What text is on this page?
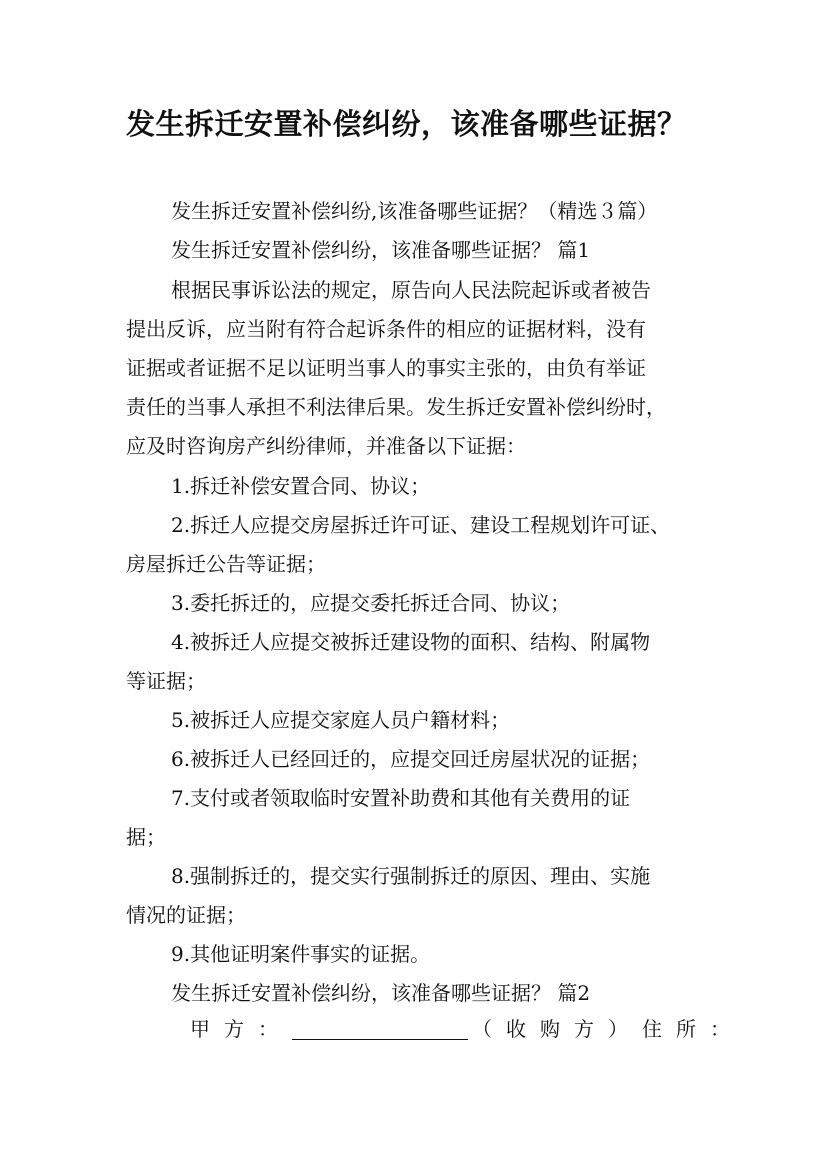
发生拆迁安置补偿纠纷，该准备哪些证据？
发生拆迁安置补偿纠纷,该准备哪些证据？（精选３篇）
发生拆迁安置补偿纠纷，该准备哪些证据？ 篇1
根据民事诉讼法的规定，原告向人民法院起诉或者被告
提出反诉，应当附有符合起诉条件的相应的证据材料，没有
证据或者证据不足以证明当事人的事实主张的，由负有举证
责任的当事人承担不利法律后果。发生拆迁安置补偿纠纷时，
应及时咨询房产纠纷律师，并准备以下证据：
1.拆迁补偿安置合同、协议；
2.拆迁人应提交房屋拆迁许可证、建设工程规划许可证、
房屋拆迁公告等证据；
3.委托拆迁的，应提交委托拆迁合同、协议；
4.被拆迁人应提交被拆迁建设物的面积、结构、附属物
等证据；
5.被拆迁人应提交家庭人员户籍材料；
6.被拆迁人已经回迁的，应提交回迁房屋状况的证据；
7.支付或者领取临时安置补助费和其他有关费用的证
据；
8.强制拆迁的，提交实行强制拆迁的原因、理由、实施
情况的证据；
9.其他证明案件事实的证据。
发生拆迁安置补偿纠纷，该准备哪些证据？ 篇2
甲方：	（收购方）住所：
